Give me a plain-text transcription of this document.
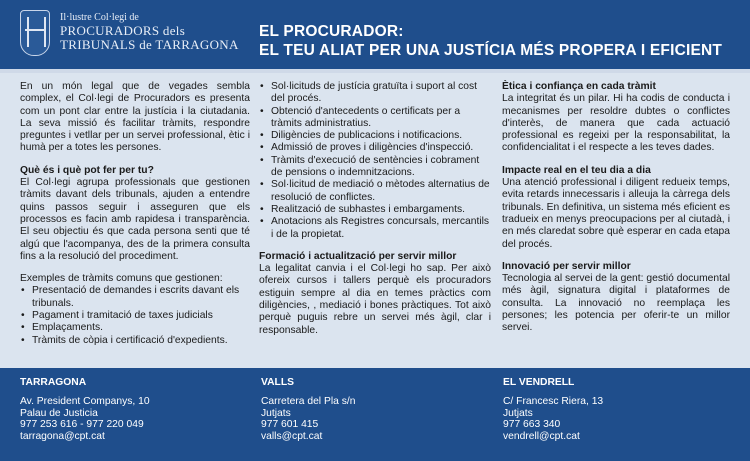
Il·lustre Col·legi de
PROCURADORS dels
TRIBUNALS de TARRAGONA
EL PROCURADOR:
EL TEU ALIAT PER UNA JUSTÍCIA MÉS PROPERA I EFICIENT

En un món legal que de vegades sembla complex, el Col·legi de Procuradors es presenta com un pont clar entre la justícia i la ciutadania. La seva missió és facilitar tràmits, respondre preguntes i vetllar per un servei professional, ètic i humà per a totes les persones.

Què és i què pot fer per tu?

El Col·legi agrupa professionals que gestionen tràmits davant dels tribunals, ajuden a entendre quins passos seguir i asseguren que els processos es facin amb rapidesa i transparència. El seu objectiu és que cada persona senti que té algú que l'acompanya, des de la primera consulta fins a la resolució del procediment.

Exemples de tràmits comuns que gestionen:

• Presentació de demandes i escrits davant els tribunals.
• Pagament i tramitació de taxes judicials
• Emplaçaments.
• Tràmits de còpia i certificació d'expedients.
• Sol·licituds de justícia gratuïta i suport al cost del procés.
• Obtenció d'antecedents o certificats per a tràmits administratius.
• Diligències de publicacions i notificacions.
• Admissió de proves i diligències d'inspecció.
• Tràmits d'execució de sentències i cobrament de pensions o indemnitzacions.
• Sol·licitud de mediació o mètodes alternatius de resolució de conflictes.
• Realització de subhastes i embargaments.
• Anotacions als Registres concursals, mercantils i de la propietat.
Formació i actualització per servir millor

La legalitat canvia i el Col·legi ho sap. Per això ofereix cursos i tallers perquè els procuradors estiguin sempre al dia en temes pràctics com diligències, , mediació i bones pràctiques. Tot això perquè puguis rebre un servei més àgil, clar i responsable.

Ètica i confiança en cada tràmit

La integritat és un pilar. Hi ha codis de conducta i mecanismes per resoldre dubtes o conflictes d'interès, de manera que cada actuació professional es regeixi per la responsabilitat, la confidencialitat i el respecte a les teves dades.

Impacte real en el teu dia a dia

Una atenció professional i diligent redueix temps, evita retards innecessaris i alleuja la càrrega dels tribunals. En definitiva, un sistema més eficient es tradueix en menys preocupacions per al ciutadà, i en més claredat sobre què esperar en cada etapa del procés.

Innovació per servir millor

Tecnologia al servei de la gent: gestió documental més àgil, signatura digital i plataformes de consulta. La innovació no reemplaça les persones; les potencia per oferir-te un millor servei.

TARRAGONA
Av. President Companys, 10
Palau de Justicia
977 253 616 - 977 220 049
tarragona@cpt.cat
VALLS
Carretera del Pla s/n
Jutjats
977 601 415
valls@cpt.cat
EL VENDRELL
C/ Francesc Riera, 13
Jutjats
977 663 340
vendrell@cpt.cat
